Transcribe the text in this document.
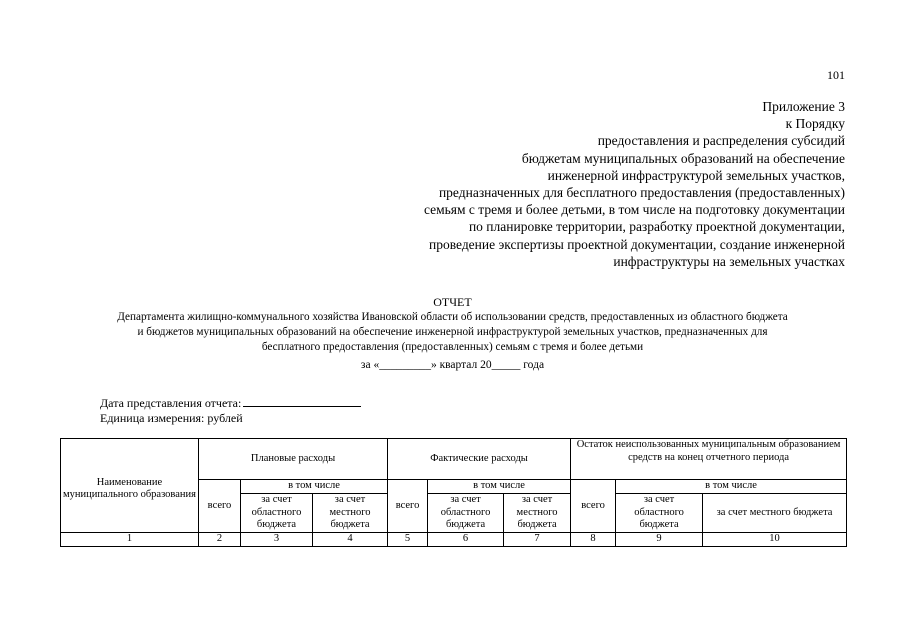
101
Приложение 3
к Порядку
предоставления и распределения субсидий
бюджетам муниципальных образований на обеспечение
инженерной инфраструктурой земельных участков,
предназначенных для бесплатного предоставления (предоставленных)
семьям с тремя и более детьми, в том числе на подготовку документации
по планировке территории, разработку проектной документации,
проведение экспертизы проектной документации, создание инженерной
инфраструктуры на земельных участках
ОТЧЕТ
Департамента жилищно-коммунального хозяйства Ивановской области об использовании средств, предоставленных из областного бюджета
и бюджетов муниципальных образований на обеспечение инженерной инфраструктурой земельных участков, предназначенных для
бесплатного предоставления (предоставленных) семьям с тремя и более детьми
за «_________» квартал 20_____ года
Дата представления отчета:
Единица измерения: рублей
Наименование муниципального образования	Плановые расходы			Фактические расходы			Остаток неиспользованных муниципальным образованием средств на конец отчетного периода		
	всего	в том числе		всего	в том числе		всего	в том числе	
		за счет областного бюджета	за счет местного бюджета		за счет областного бюджета	за счет местного бюджета		за счет областного бюджета	за счет местного бюджета
1	2	3	4	5	6	7	8	9	10
